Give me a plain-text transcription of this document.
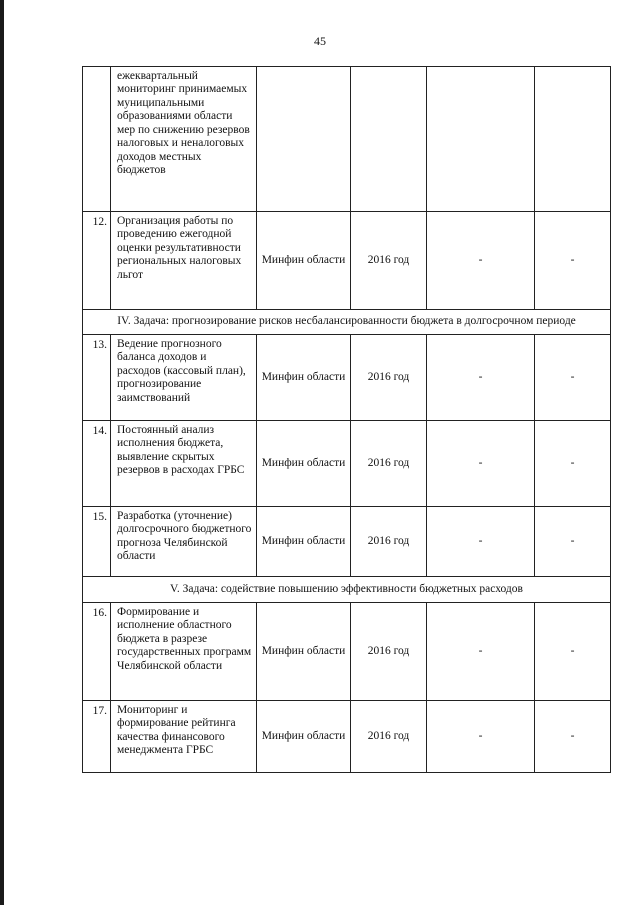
45
	ежеквартальный мониторинг принимаемых муниципальными образованиями области мер по снижению резервов налоговых и неналоговых доходов местных бюджетов				
12.	Организация работы по проведению ежегодной оценки результативности региональных налоговых льгот	Минфин области	2016 год	-	-
IV. Задача: прогнозирование рисков несбалансированности бюджета в долгосрочном периоде					
13.	Ведение прогнозного баланса доходов и расходов (кассовый план), прогнозирование заимствований	Минфин области	2016 год	-	-
14.	Постоянный анализ исполнения бюджета, выявление скрытых резервов в расходах ГРБС	Минфин области	2016 год	-	-
15.	Разработка (уточнение) долгосрочного бюджетного прогноза Челябинской области	Минфин области	2016 год	-	-
V. Задача: содействие повышению эффективности бюджетных расходов					
16.	Формирование и исполнение областного бюджета в разрезе государственных программ Челябинской области	Минфин области	2016 год	-	-
17.	Мониторинг и формирование рейтинга качества финансового менеджмента ГРБС	Минфин области	2016 год	-	-
